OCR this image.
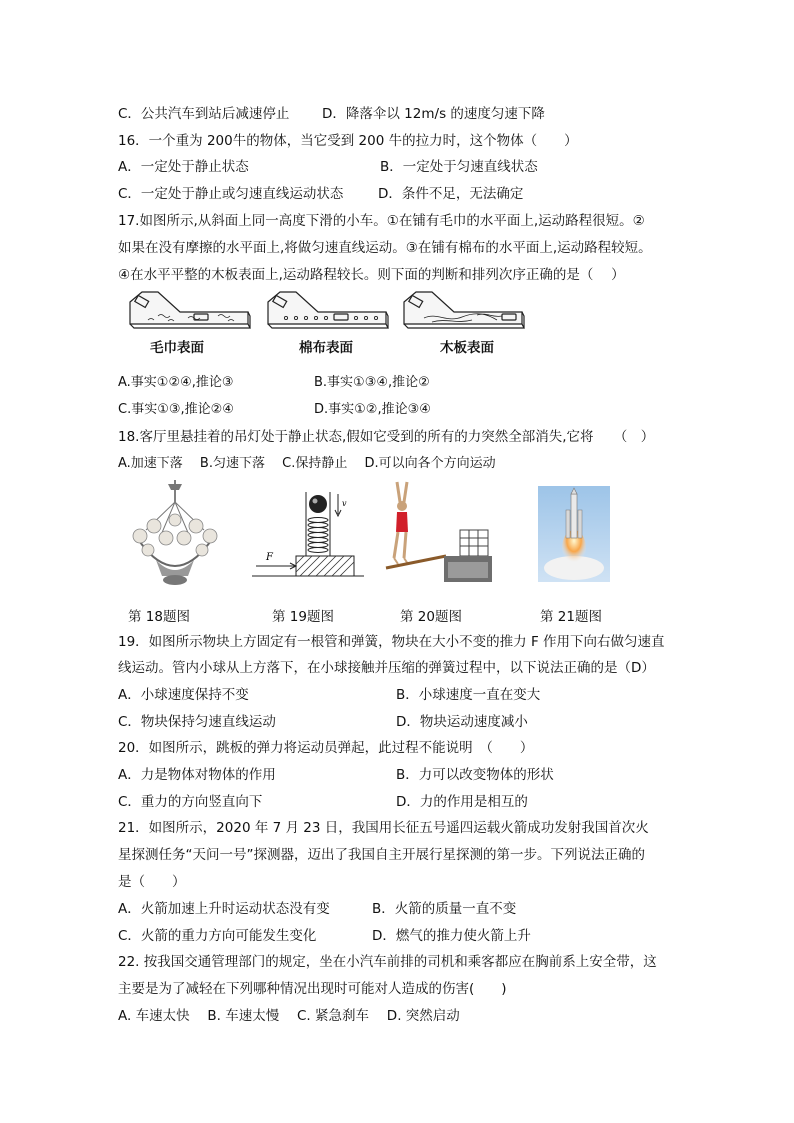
C．公共汽车到站后减速停止 D．降落伞以 12m/s 的速度匀速下降
16．一个重为 200牛的物体，当它受到 200 牛的拉力时，这个物体（　　）
A．一定处于静止状态	B．一定处于匀速直线状态
C．一定处于静止或匀速直线运动状态	D．条件不足，无法确定
17.如图所示,从斜面上同一高度下滑的小车。①在铺有毛巾的水平面上,运动路程很短。②
如果在没有摩擦的水平面上,将做匀速直线运动。③在铺有棉布的水平面上,运动路程较短。
④在水平平整的木板表面上,运动路程较长。则下面的判断和排列次序正确的是（　 ）
毛巾表面	棉布表面	木板表面
A.事实①②④,推论③	B.事实①③④,推论②
C.事实①③,推论②④	D.事实①②,推论③④
18.客厅里悬挂着的吊灯处于静止状态,假如它受到的所有的力突然全部消失,它将　　（　）
A.加速下落　 B.匀速下落　 C.保持静止　 D.可以向各个方向运动
v
F
第 18题图	第 19题图	第 20题图	第 21题图
19．如图所示物块上方固定有一根管和弹簧，物块在大小不变的推力 F 作用下向右做匀速直
线运动。管内小球从上方落下，在小球接触并压缩的弹簧过程中，以下说法正确的是（D）
A．小球速度保持不变	B．小球速度一直在变大
C．物块保持匀速直线运动	D．物块运动速度减小
20．如图所示，跳板的弹力将运动员弹起，此过程不能说明　（　　）
A．力是物体对物体的作用	B．力可以改变物体的形状
C．重力的方向竖直向下	D．力的作用是相互的
21．如图所示，2020 年 7 月 23 日，我国用长征五号遥四运载火箭成功发射我国首次火
星探测任务“天问一号”探测器，迈出了我国自主开展行星探测的第一步。下列说法正确的
是（　　）
A．火箭加速上升时运动状态没有变	B．火箭的质量一直不变
C．火箭的重力方向可能发生变化	D．燃气的推力使火箭上升
22. 按我国交通管理部门的规定，坐在小汽车前排的司机和乘客都应在胸前系上安全带，这
主要是为了减轻在下列哪种情况出现时可能对人造成的伤害(　　)
A. 车速太快　 B. 车速太慢　 C. 紧急刹车　 D. 突然启动
